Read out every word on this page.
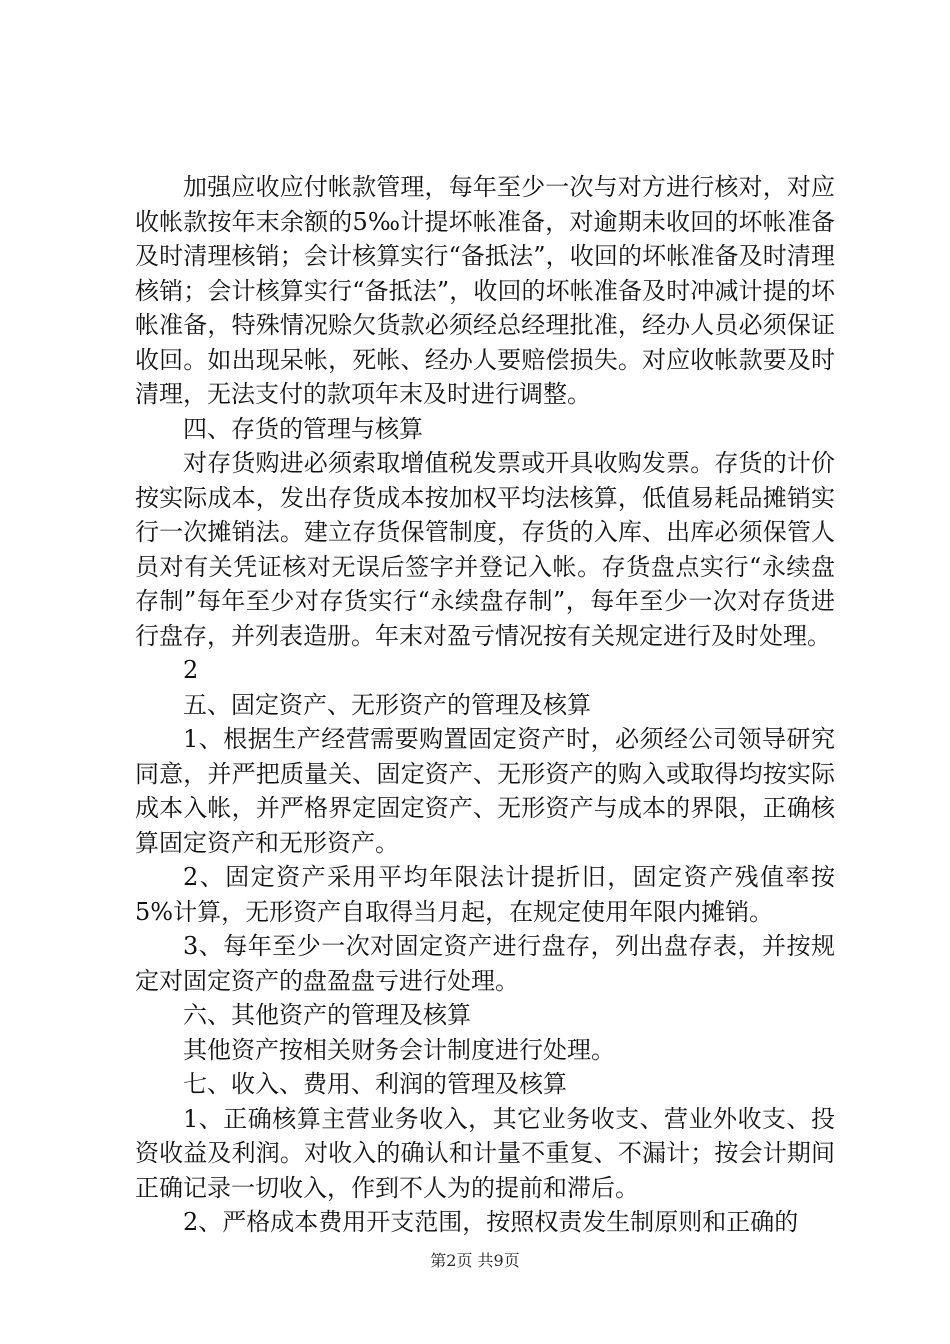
加强应收应付帐款管理，每年至少一次与对方进行核对，对应收帐款按年末余额的5‰计提坏帐准备，对逾期未收回的坏帐准备及时清理核销；会计核算实行“备抵法”，收回的坏帐准备及时清理核销；会计核算实行“备抵法”，收回的坏帐准备及时冲减计提的坏帐准备，特殊情况赊欠货款必须经总经理批准，经办人员必须保证收回。如出现呆帐，死帐、经办人要赔偿损失。对应收帐款要及时清理，无法支付的款项年末及时进行调整。

四、存货的管理与核算

对存货购进必须索取增值税发票或开具收购发票。存货的计价按实际成本，发出存货成本按加权平均法核算，低值易耗品摊销实行一次摊销法。建立存货保管制度，存货的入库、出库必须保管人员对有关凭证核对无误后签字并登记入帐。存货盘点实行“永续盘存制”每年至少对存货实行“永续盘存制”，每年至少一次对存货进行盘存，并列表造册。年末对盈亏情况按有关规定进行及时处理。

2

五、固定资产、无形资产的管理及核算

1、根据生产经营需要购置固定资产时，必须经公司领导研究同意，并严把质量关、固定资产、无形资产的购入或取得均按实际成本入帐，并严格界定固定资产、无形资产与成本的界限，正确核算固定资产和无形资产。

2、固定资产采用平均年限法计提折旧，固定资产残值率按5%计算，无形资产自取得当月起，在规定使用年限内摊销。

3、每年至少一次对固定资产进行盘存，列出盘存表，并按规定对固定资产的盘盈盘亏进行处理。

六、其他资产的管理及核算

其他资产按相关财务会计制度进行处理。

七、收入、费用、利润的管理及核算

1、正确核算主营业务收入，其它业务收支、营业外收支、投资收益及利润。对收入的确认和计量不重复、不漏计；按会计期间正确记录一切收入，作到不人为的提前和滞后。

2、严格成本费用开支范围，按照权责发生制原则和正确的

第2页 共9页
